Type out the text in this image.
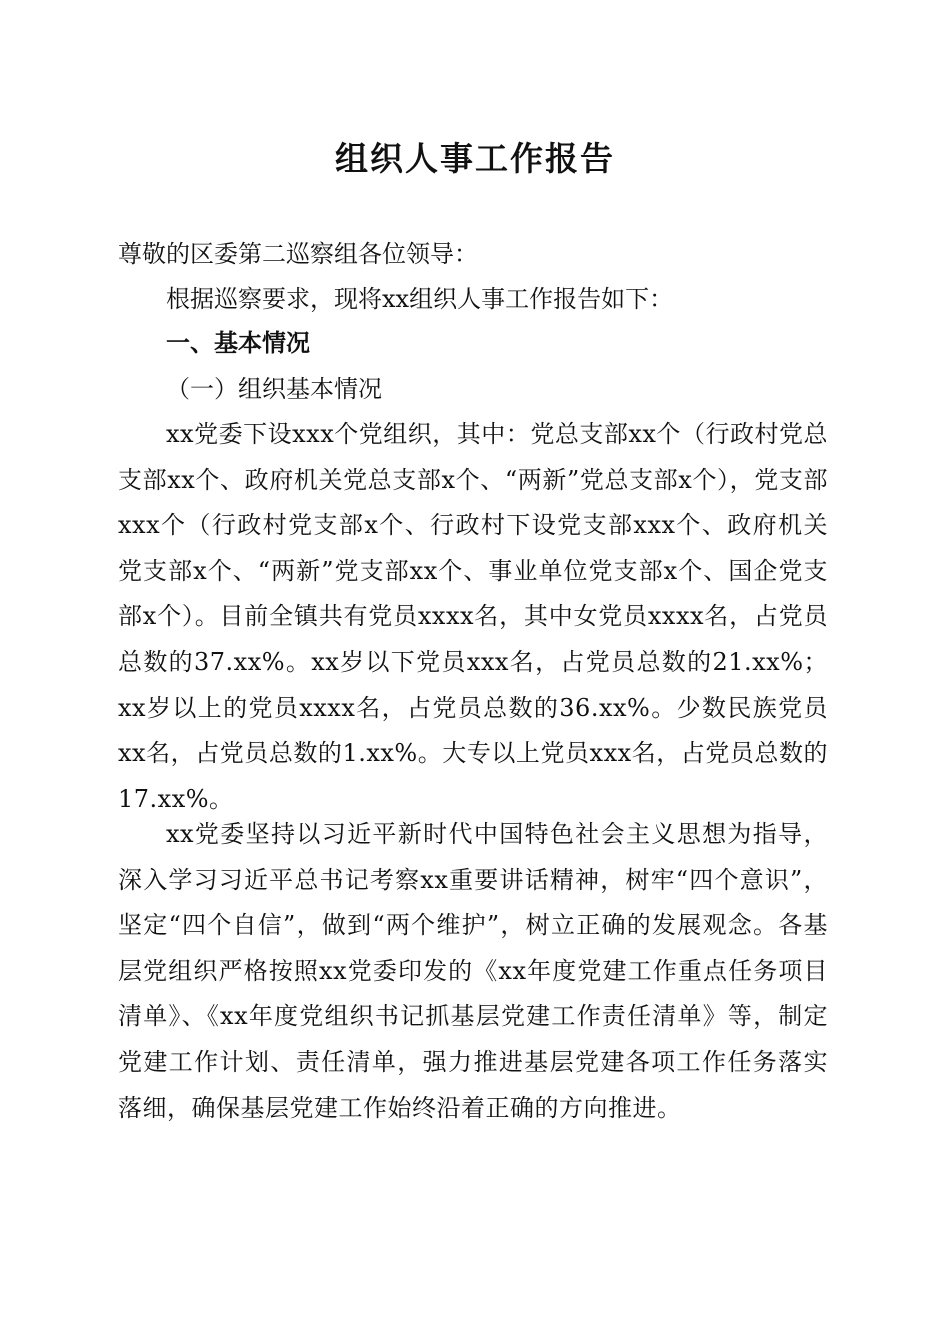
组织人事工作报告

尊敬的区委第二巡察组各位领导：

根据巡察要求，现将xx组织人事工作报告如下：

一、基本情况

（一）组织基本情况

xx党委下设xxx个党组织，其中：党总支部xx个（行政村党总支部xx个、政府机关党总支部x个、“两新”党总支部x个），党支部xxx个（行政村党支部x个、行政村下设党支部xxx个、政府机关党支部x个、“两新”党支部xx个、事业单位党支部x个、国企党支部x个）。目前全镇共有党员xxxx名，其中女党员xxxx名，占党员总数的37.xx%。xx岁以下党员xxx名，占党员总数的21.xx%；xx岁以上的党员xxxx名，占党员总数的36.xx%。少数民族党员xx名，占党员总数的1.xx%。大专以上党员xxx名，占党员总数的17.xx%。

xx党委坚持以习近平新时代中国特色社会主义思想为指导，深入学习习近平总书记考察xx重要讲话精神，树牢“四个意识”，坚定“四个自信”，做到“两个维护”，树立正确的发展观念。各基层党组织严格按照xx党委印发的《xx年度党建工作重点任务项目清单》、《xx年度党组织书记抓基层党建工作责任清单》等，制定党建工作计划、责任清单，强力推进基层党建各项工作任务落实落细，确保基层党建工作始终沿着正确的方向推进。
